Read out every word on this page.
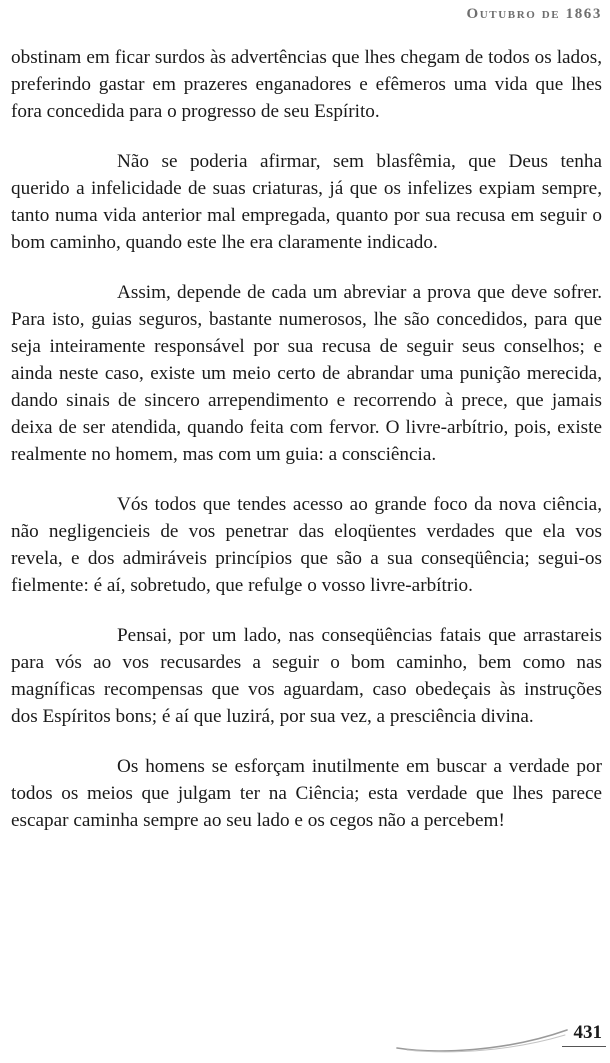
Outubro de 1863

obstinam em ficar surdos às advertências que lhes chegam de todos os lados, preferindo gastar em prazeres enganadores e efêmeros uma vida que lhes fora concedida para o progresso de seu Espírito.

Não se poderia afirmar, sem blasfêmia, que Deus tenha querido a infelicidade de suas criaturas, já que os infelizes expiam sempre, tanto numa vida anterior mal empregada, quanto por sua recusa em seguir o bom caminho, quando este lhe era claramente indicado.

Assim, depende de cada um abreviar a prova que deve sofrer. Para isto, guias seguros, bastante numerosos, lhe são concedidos, para que seja inteiramente responsável por sua recusa de seguir seus conselhos; e ainda neste caso, existe um meio certo de abrandar uma punição merecida, dando sinais de sincero arrependimento e recorrendo à prece, que jamais deixa de ser atendida, quando feita com fervor. O livre-arbítrio, pois, existe realmente no homem, mas com um guia: a consciência.

Vós todos que tendes acesso ao grande foco da nova ciência, não negligencieis de vos penetrar das eloqüentes verdades que ela vos revela, e dos admiráveis princípios que são a sua conseqüência; segui-os fielmente: é aí, sobretudo, que refulge o vosso livre-arbítrio.

Pensai, por um lado, nas conseqüências fatais que arrastareis para vós ao vos recusardes a seguir o bom caminho, bem como nas magníficas recompensas que vos aguardam, caso obedeçais às instruções dos Espíritos bons; é aí que luzirá, por sua vez, a presciência divina.

Os homens se esforçam inutilmente em buscar a verdade por todos os meios que julgam ter na Ciência; esta verdade que lhes parece escapar caminha sempre ao seu lado e os cegos não a percebem!

431
